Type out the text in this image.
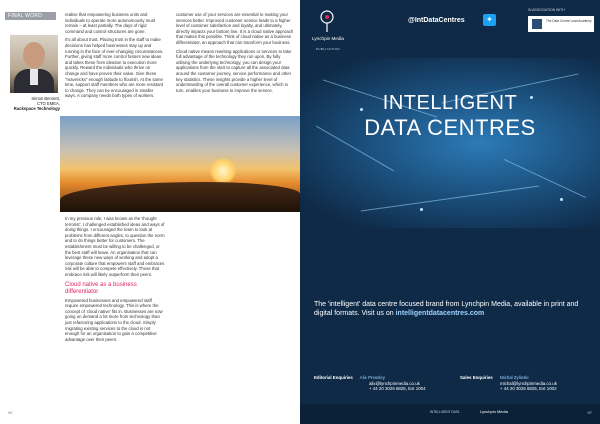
FINAL WORD
Simon Bennett,
CTO EMEA,
Rackspace Technology

realise that empowering business units and individuals to operate more autonomously must remain – at least partially. The days of rigid command and control structures are gone.

It's all about trust. Placing trust in the staff to make decisions has helped businesses stay up and running in the face of ever-changing circumstances. Further, giving staff more control fosters new ideas and takes these from ideation to execution more quickly. Reward the individuals who thrive on change and have proven their value. Give these "mavericks" enough latitude to flourish. At the same time, support staff members who are more resistant to change. They can be encouraged in smaller ways. A company needs both types of workers.

customer use of your services are essential to making your services better. Improved customer service leads to a higher level of customer satisfaction and loyalty, and ultimately, directly impacts your bottom line. It is a cloud native approach that makes this possible. Think of cloud native as a business differentiator, an approach that can transform your business.

Cloud native means rewriting applications or services to take full advantage of the technology they run upon. By fully utilising the underlying technology, you can design your applications from the start to capture all the associated data around the customer journey, service performance and other key statistics. These insights provide a higher level of understanding of the overall customer experience, which in turn, enables your business to improve the service.

In my previous role, I was known as the 'thought terrorist'. I challenged established ideas and ways of doing things. I encouraged the team to look at problems from different angles, to question the norm and to do things better for customers. The establishment must be willing to be challenged, or the best staff will leave. An organisation that can leverage these new ways of working and adopt a corporate culture that empowers staff and embraces risk will be able to compete effectively. Those that embrace risk will likely outperform their peers.

Cloud native as a business differentiator

Empowered businesses and empowered staff require empowered technology. This is where the concept of 'cloud native' fits in. Businesses are now going on demand a lot more from technology than just refactoring applications to the cloud. Simply migrating existing services to the cloud is not enough for an organisation to gain a competitive advantage over their peers.

96
Lynchpin Media
PUBLICATION
@IntDataCentres	✦
IN ASSOCIATION WITH
The Data Centre Lead Academy
INTELLIGENT
DATA CENTRES
The 'intelligent' data centre focused brand from Lynchpin Media, available in print and digital formats. Visit us on intelligentdatacentres.com
Editorial Enquiries Alix Pressley
alix@lynchpinmedia.co.uk
+ 44 20 3026 6825, Ext 1004
Sales Enquiries Michal Zylinski
michal@lynchpinmedia.co.uk
+ 44 20 3026 6825, Ext 1002
INTELLIGENT DATA	Lynchpin Media	97
